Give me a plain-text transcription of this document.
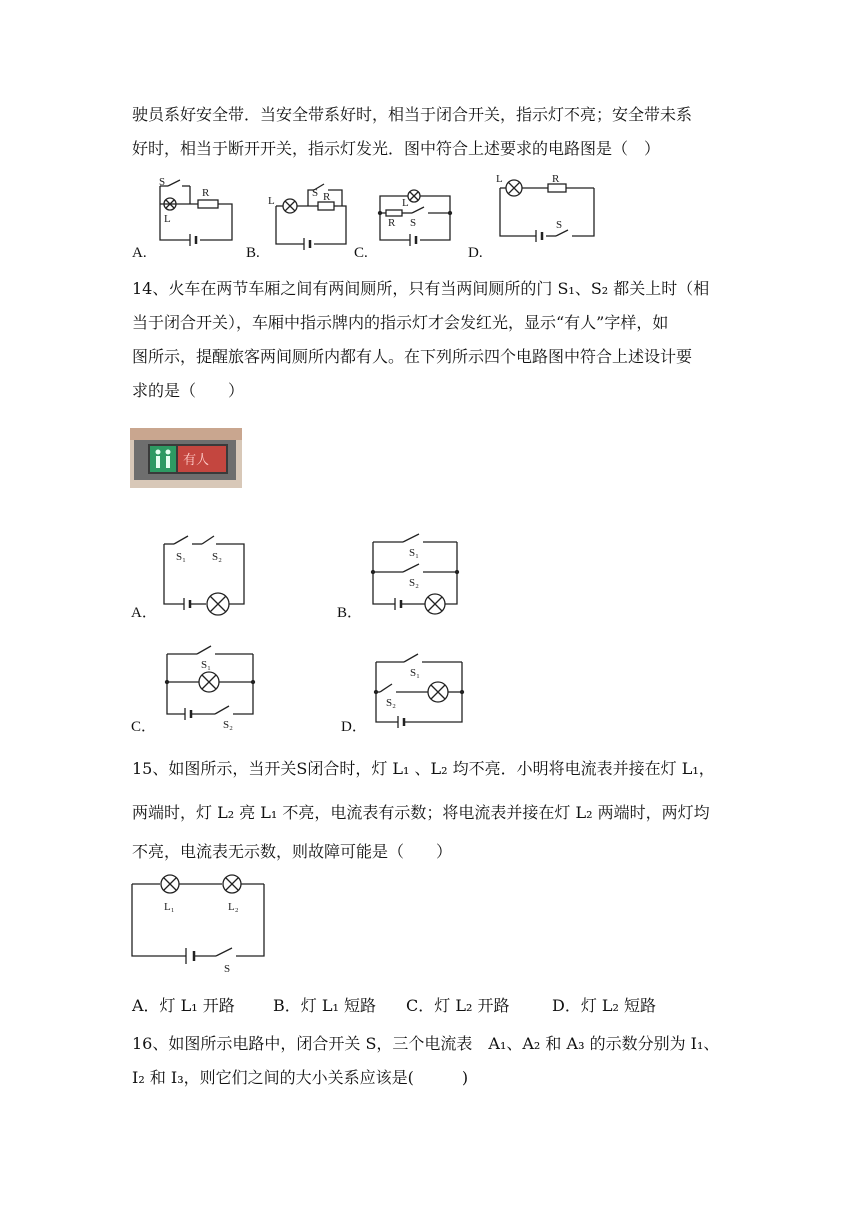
驶员系好安全带．当安全带系好时，相当于闭合开关，指示灯不亮；安全带未系
好时，相当于断开开关，指示灯发光．图中符合上述要求的电路图是（　）
S
L
R
A.
L
S R
B.
L
R S
C.
L	R
S
D.
14、火车在两节车厢之间有两间厕所，只有当两间厕所的门 S₁、S₂ 都关上时（相
当于闭合开关），车厢中指示牌内的指示灯才会发红光，显示“有人”字样，如
图所示，提醒旅客两间厕所内都有人。在下列所示四个电路图中符合上述设计要
求的是（　　）
有人
S₁ S₂
A．
S₁
S₂
B．
S₁
S₂
C．
S₁
S₂
D．
15、如图所示，当开关S闭合时，灯 L₁ 、L₂ 均不亮．小明将电流表并接在灯 L₁，
两端时，灯 L₂ 亮 L₁ 不亮，电流表有示数；将电流表并接在灯 L₂ 两端时，两灯均
不亮，电流表无示数，则故障可能是（　　）
L₁	L₂
S
A．灯 L₁ 开路 B．灯 L₁ 短路 C．灯 L₂ 开路	D．灯 L₂ 短路
16、如图所示电路中，闭合开关 S，三个电流表　A₁、A₂ 和 A₃ 的示数分别为 I₁、
I₂ 和 I₃，则它们之间的大小关系应该是(　　　)
